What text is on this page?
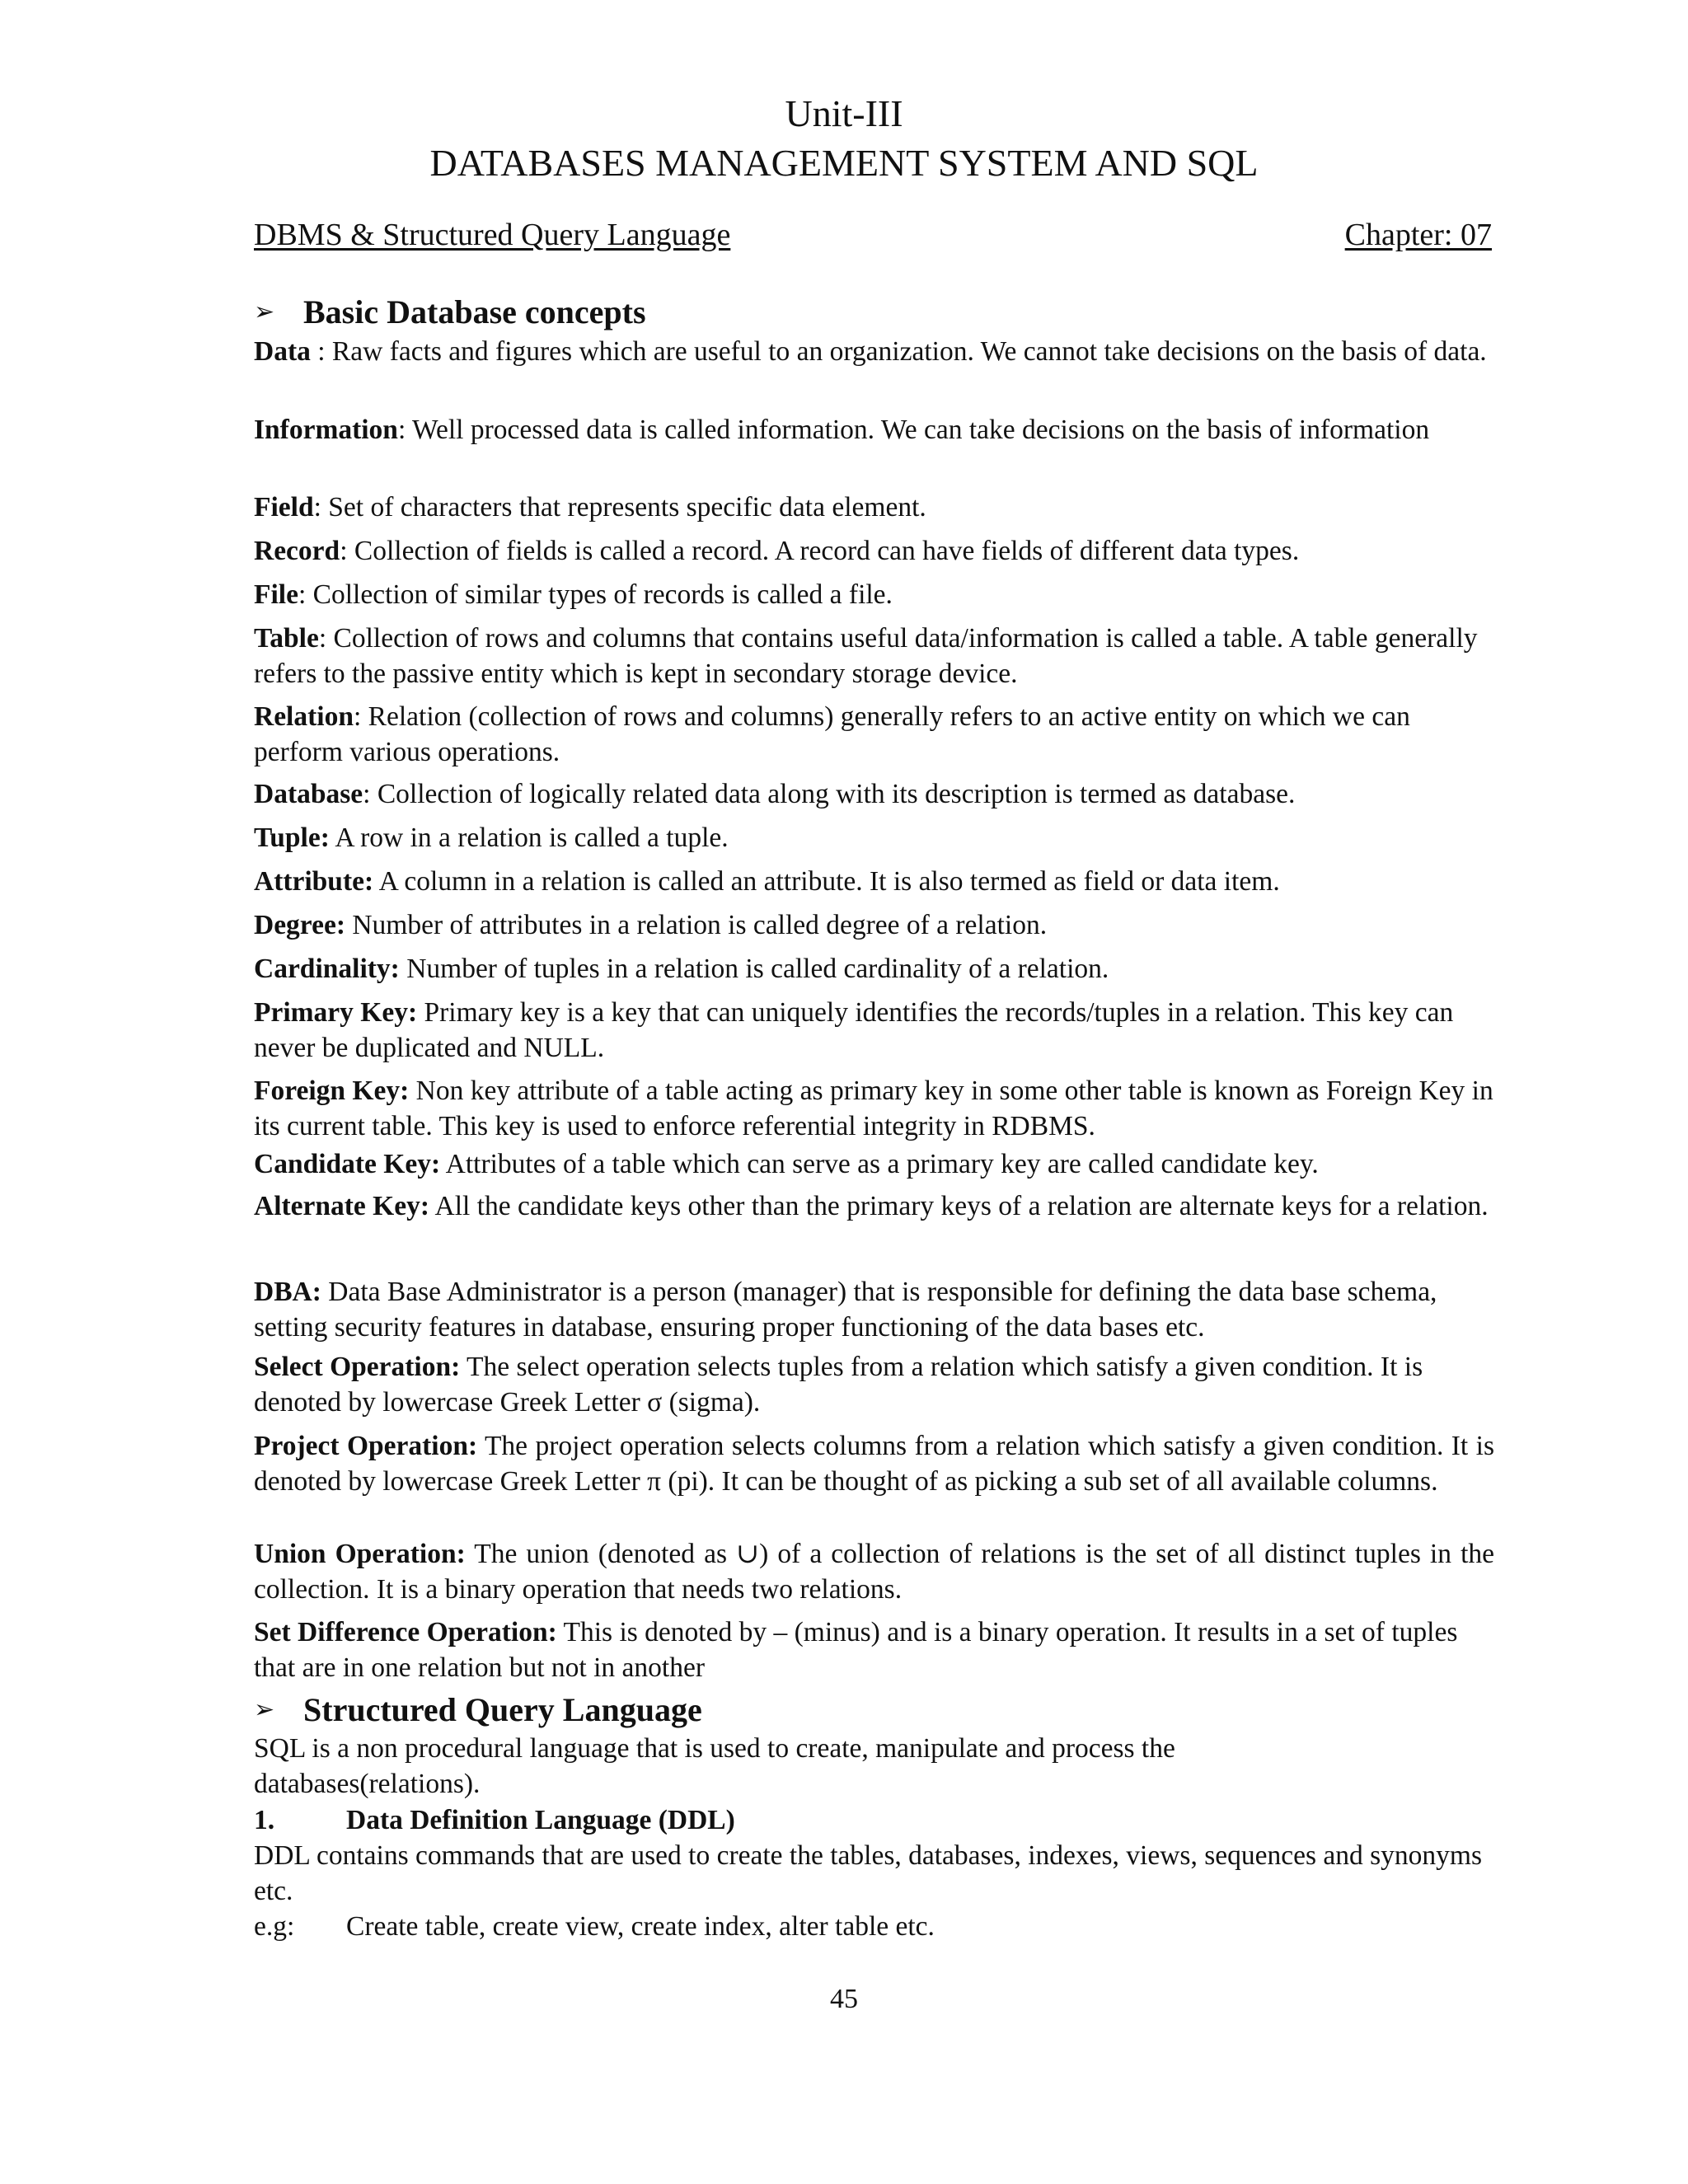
Unit-III
DATABASES MANAGEMENT SYSTEM AND SQL
DBMS & Structured Query Language	Chapter: 07
➢ Basic Database concepts
Data : Raw facts and figures which are useful to an organization. We cannot take decisions on the basis of data.
Information: Well processed data is called information. We can take decisions on the basis of information
Field: Set of characters that represents specific data element.
Record: Collection of fields is called a record. A record can have fields of different data types.
File: Collection of similar types of records is called a file.
Table: Collection of rows and columns that contains useful data/information is called a table. A table generally refers to the passive entity which is kept in secondary storage device.
Relation: Relation (collection of rows and columns) generally refers to an active entity on which we can perform various operations.
Database: Collection of logically related data along with its description is termed as database.
Tuple: A row in a relation is called a tuple.
Attribute: A column in a relation is called an attribute. It is also termed as field or data item.
Degree: Number of attributes in a relation is called degree of a relation.
Cardinality: Number of tuples in a relation is called cardinality of a relation.
Primary Key: Primary key is a key that can uniquely identifies the records/tuples in a relation. This key can never be duplicated and NULL.
Foreign Key: Non key attribute of a table acting as primary key in some other table is known as Foreign Key in its current table. This key is used to enforce referential integrity in RDBMS.
Candidate Key: Attributes of a table which can serve as a primary key are called candidate key.
Alternate Key: All the candidate keys other than the primary keys of a relation are alternate keys for a relation.
DBA: Data Base Administrator is a person (manager) that is responsible for defining the data base schema, setting security features in database, ensuring proper functioning of the data bases etc.
Select Operation: The select operation selects tuples from a relation which satisfy a given condition. It is denoted by lowercase Greek Letter σ (sigma).
Project Operation: The project operation selects columns from a relation which satisfy a given condition. It is denoted by lowercase Greek Letter π (pi). It can be thought of as picking a sub set of all available columns.
Union Operation: The union (denoted as ∪) of a collection of relations is the set of all distinct tuples in the collection. It is a binary operation that needs two relations.
Set Difference Operation: This is denoted by – (minus) and is a binary operation. It results in a set of tuples that are in one relation but not in another
➢ Structured Query Language
SQL is a non procedural language that is used to create, manipulate and process the databases(relations).
1.	Data Definition Language (DDL)
DDL contains commands that are used to create the tables, databases, indexes, views, sequences and synonyms etc.
e.g: Create table, create view, create index, alter table etc.
45
